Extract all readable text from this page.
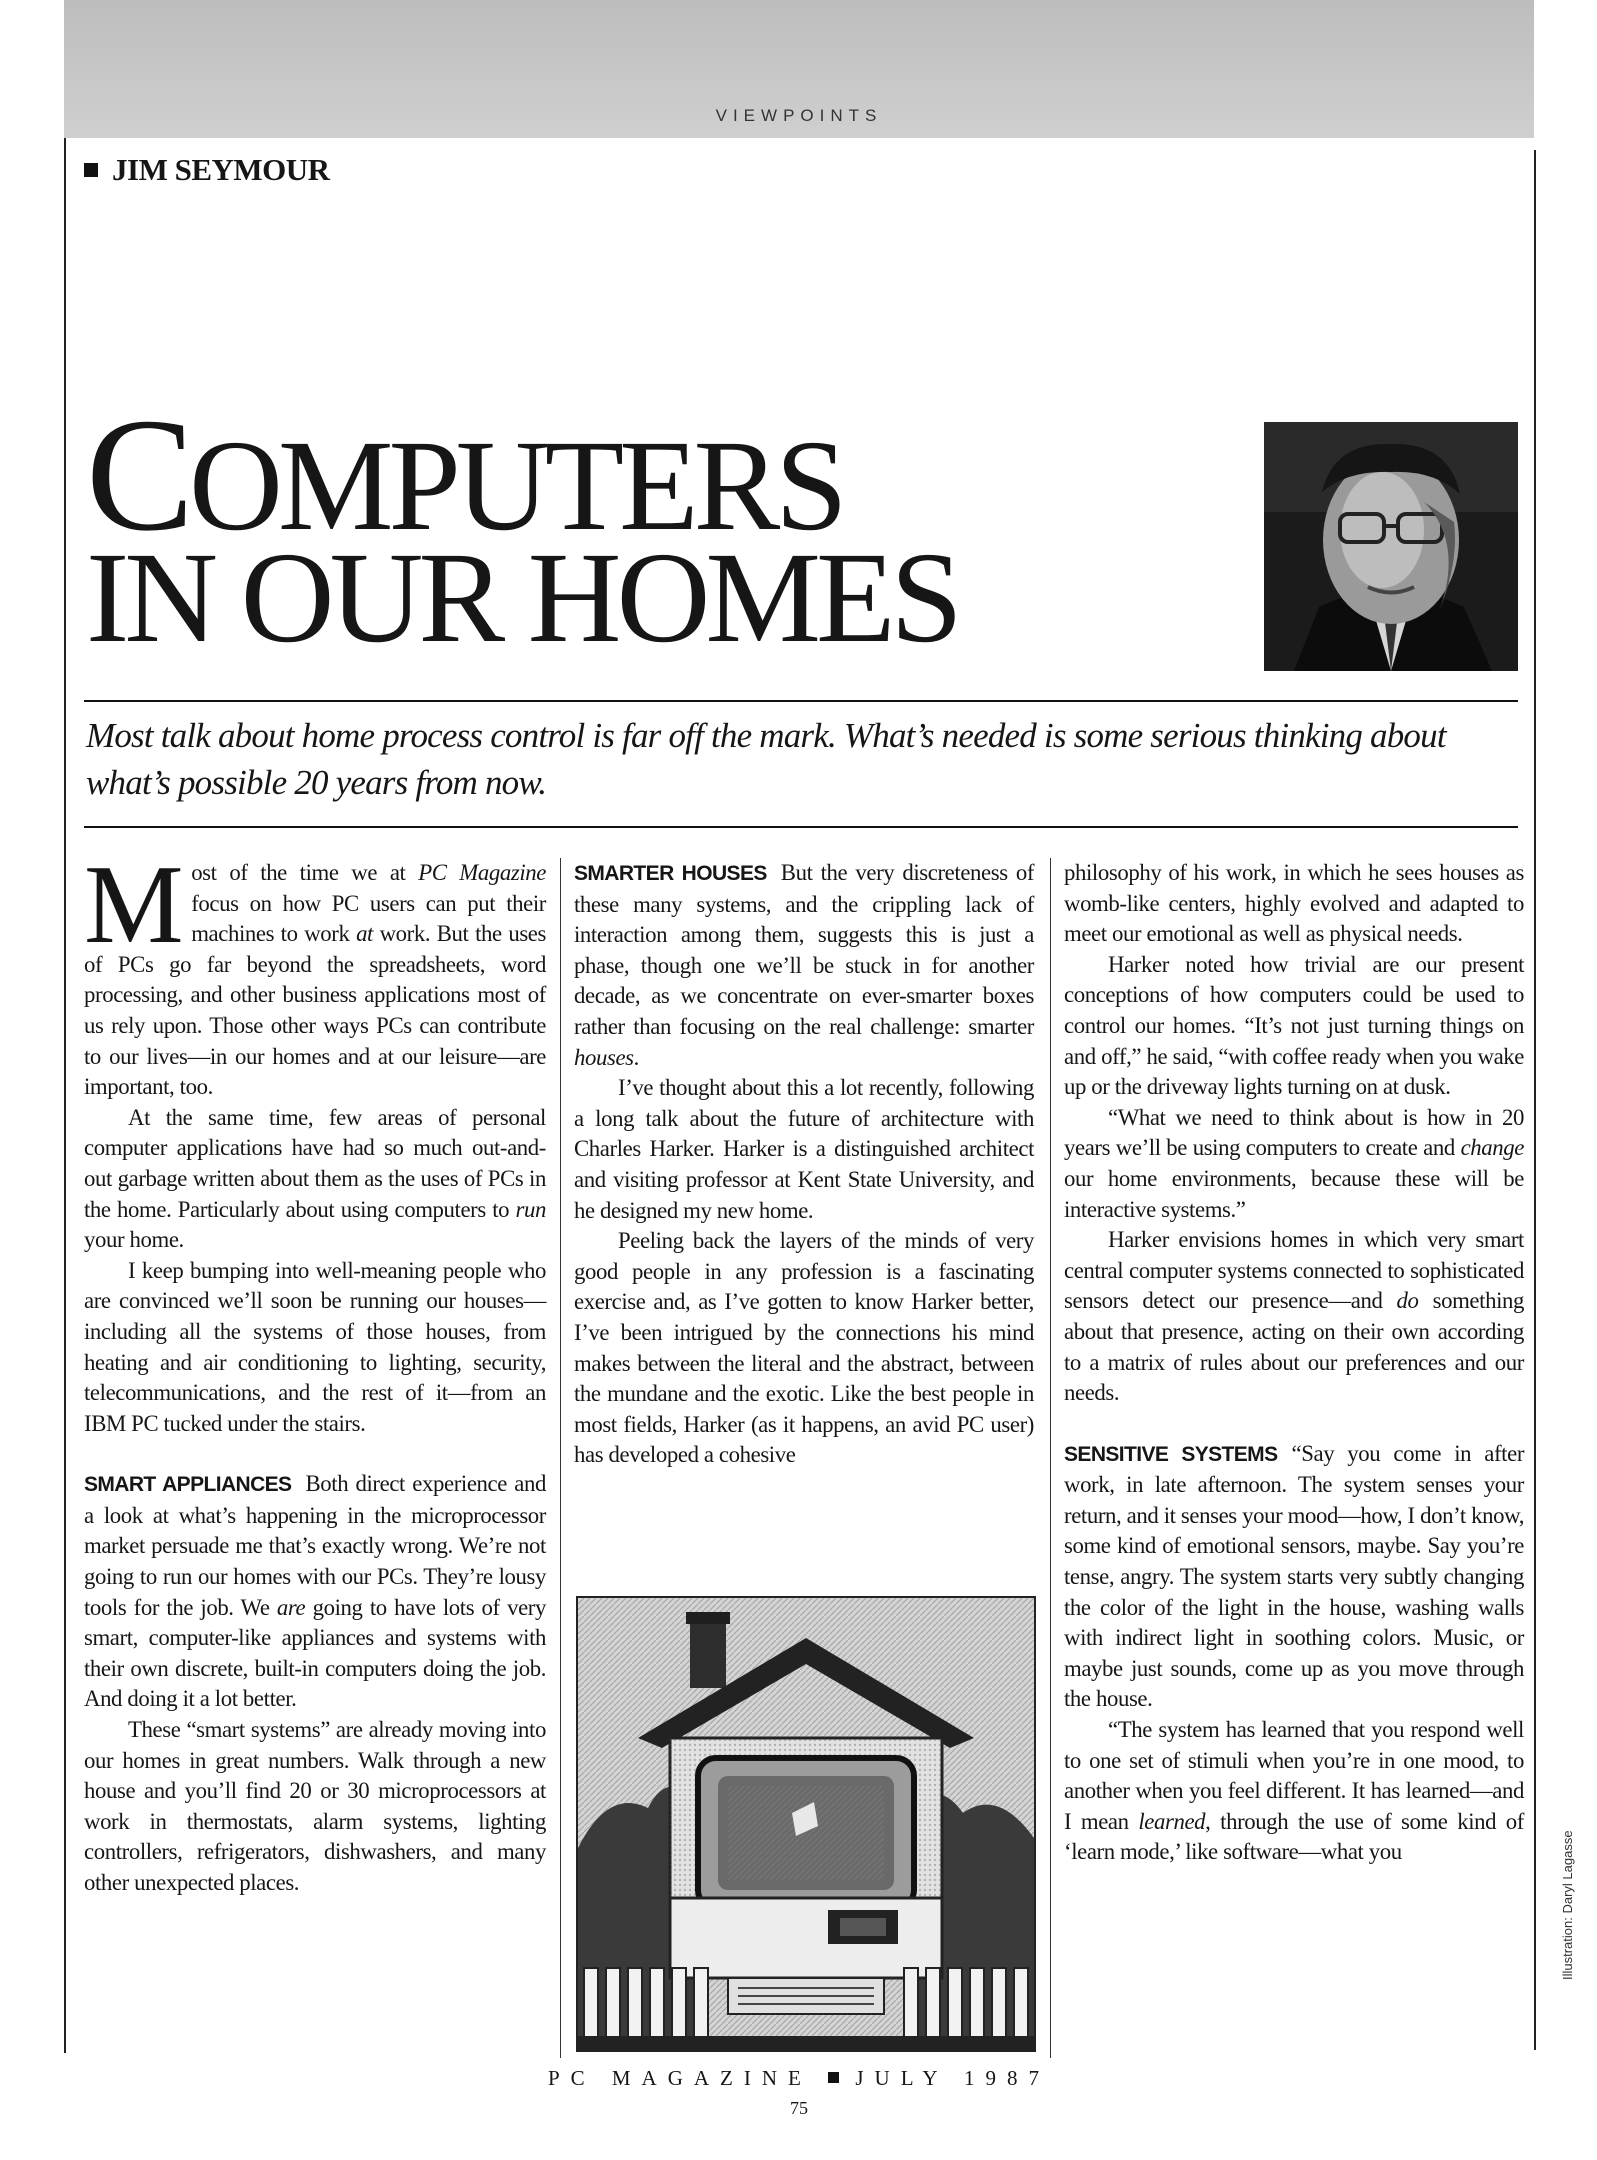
VIEWPOINTS
JIM SEYMOUR
COMPUTERS
IN OUR HOMES
Most talk about home process control is far off the mark. What’s needed is some serious thinking about what’s possible 20 years from now.

Most of the time we at PC Magazine focus on how PC users can put their machines to work at work. But the uses of PCs go far beyond the spreadsheets, word processing, and other business applications most of us rely upon. Those other ways PCs can contribute to our lives—in our homes and at our leisure—are important, too.

At the same time, few areas of personal computer applications have had so much out-and-out garbage written about them as the uses of PCs in the home. Particularly about using computers to run your home.

I keep bumping into well-meaning people who are convinced we’ll soon be running our houses—including all the systems of those houses, from heating and air conditioning to lighting, security, telecommunications, and the rest of it—from an IBM PC tucked under the stairs.

SMART APPLIANCES Both direct experience and a look at what’s happening in the microprocessor market persuade me that’s exactly wrong. We’re not going to run our homes with our PCs. They’re lousy tools for the job. We are going to have lots of very smart, computer-like appliances and systems with their own discrete, built-in computers doing the job. And doing it a lot better.

These “smart systems” are already moving into our homes in great numbers. Walk through a new house and you’ll find 20 or 30 microprocessors at work in thermostats, alarm systems, lighting controllers, refrigerators, dishwashers, and many other unexpected places.

SMARTER HOUSES But the very discreteness of these many systems, and the crippling lack of interaction among them, suggests this is just a phase, though one we’ll be stuck in for another decade, as we concentrate on ever-smarter boxes rather than focusing on the real challenge: smarter houses.

I’ve thought about this a lot recently, following a long talk about the future of architecture with Charles Harker. Harker is a distinguished architect and visiting professor at Kent State University, and he designed my new home.

Peeling back the layers of the minds of very good people in any profession is a fascinating exercise and, as I’ve gotten to know Harker better, I’ve been intrigued by the connections his mind makes between the literal and the abstract, between the mundane and the exotic. Like the best people in most fields, Harker (as it happens, an avid PC user) has developed a cohesive

philosophy of his work, in which he sees houses as womb-like centers, highly evolved and adapted to meet our emotional as well as physical needs.

Harker noted how trivial are our present conceptions of how computers could be used to control our homes. “It’s not just turning things on and off,” he said, “with coffee ready when you wake up or the driveway lights turning on at dusk.

“What we need to think about is how in 20 years we’ll be using computers to create and change our home environments, because these will be interactive systems.”

Harker envisions homes in which very smart central computer systems connected to sophisticated sensors detect our presence—and do something about that presence, acting on their own according to a matrix of rules about our preferences and our needs.

SENSITIVE SYSTEMS “Say you come in after work, in late afternoon. The system senses your return, and it senses your mood—how, I don’t know, some kind of emotional sensors, maybe. Say you’re tense, angry. The system starts very subtly changing the color of the light in the house, washing walls with indirect light in soothing colors. Music, or maybe just sounds, come up as you move through the house.

“The system has learned that you respond well to one set of stimuli when you’re in one mood, to another when you feel different. It has learned—and I mean learned, through the use of some kind of ‘learn mode,’ like software—what you	Illustration: Daryl Lagasse
PC MAGAZINE JULY 1987
75
